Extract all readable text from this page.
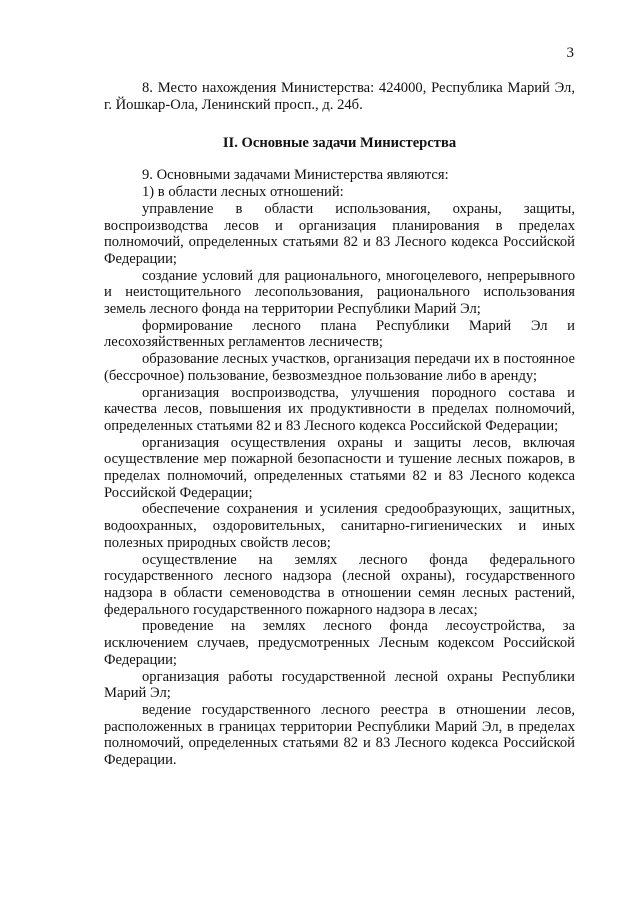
3

8. Место нахождения Министерства: 424000, Республика Марий Эл, г. Йошкар-Ола, Ленинский просп., д. 24б.

II. Основные задачи Министерства

9. Основными задачами Министерства являются:

1) в области лесных отношений:

управление в области использования, охраны, защиты, воспроизводства лесов и организация планирования в пределах полномочий, определенных статьями 82 и 83 Лесного кодекса Российской Федерации;

создание условий для рационального, многоцелевого, непрерывного и неистощительного лесопользования, рационального использования земель лесного фонда на территории Республики Марий Эл;

формирование лесного плана Республики Марий Эл и лесохозяйственных регламентов лесничеств;

образование лесных участков, организация передачи их в постоянное (бессрочное) пользование, безвозмездное пользование либо в аренду;

организация воспроизводства, улучшения породного состава и качества лесов, повышения их продуктивности в пределах полномочий, определенных статьями 82 и 83 Лесного кодекса Российской Федерации;

организация осуществления охраны и защиты лесов, включая осуществление мер пожарной безопасности и тушение лесных пожаров, в пределах полномочий, определенных статьями 82 и 83 Лесного кодекса Российской Федерации;

обеспечение сохранения и усиления средообразующих, защитных, водоохранных, оздоровительных, санитарно-гигиенических и иных полезных природных свойств лесов;

осуществление на землях лесного фонда федерального государственного лесного надзора (лесной охраны), государственного надзора в области семеноводства в отношении семян лесных растений, федерального государственного пожарного надзора в лесах;

проведение на землях лесного фонда лесоустройства, за исключением случаев, предусмотренных Лесным кодексом Российской Федерации;

организация работы государственной лесной охраны Республики Марий Эл;

ведение государственного лесного реестра в отношении лесов, расположенных в границах территории Республики Марий Эл, в пределах полномочий, определенных статьями 82 и 83 Лесного кодекса Российской Федерации.
